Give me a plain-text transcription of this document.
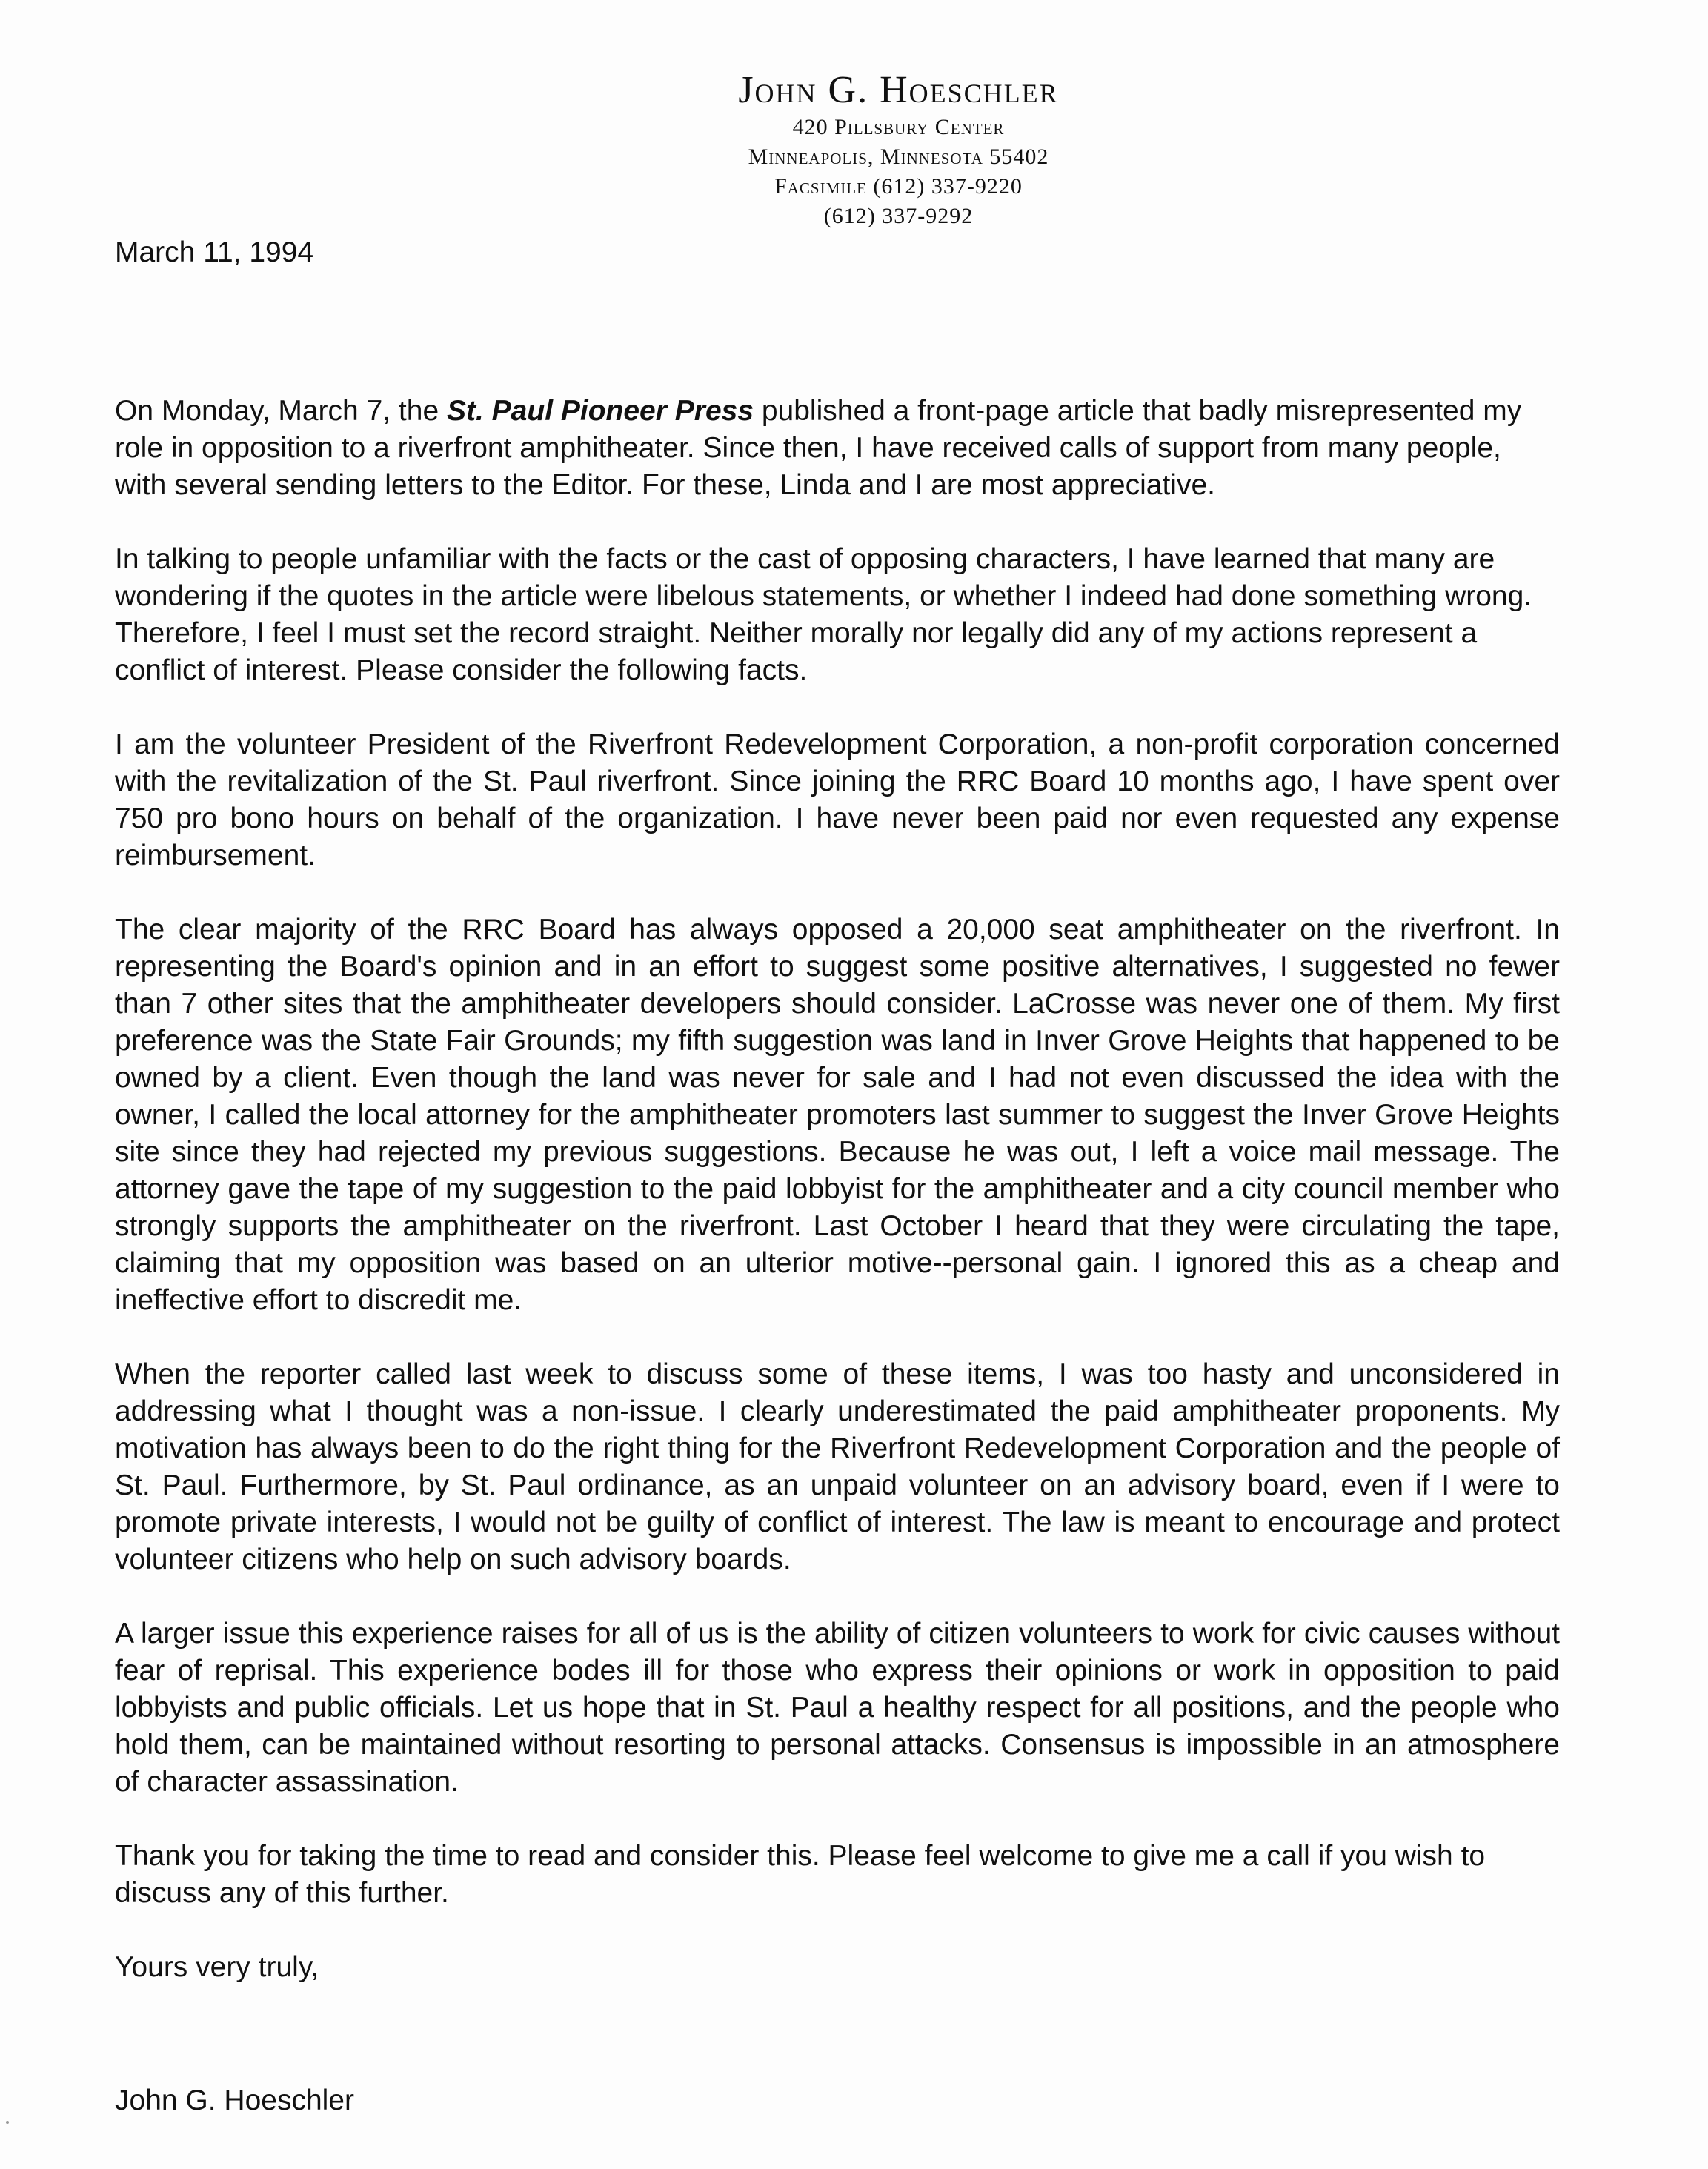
John G. Hoeschler
420 Pillsbury Center
Minneapolis, Minnesota 55402
Facsimile (612) 337-9220
(612) 337-9292

March 11, 1994

On Monday, March 7, the St. Paul Pioneer Press published a front-page article that badly misrepresented my role in opposition to a riverfront amphitheater. Since then, I have received calls of support from many people, with several sending letters to the Editor. For these, Linda and I are most appreciative.

In talking to people unfamiliar with the facts or the cast of opposing characters, I have learned that many are wondering if the quotes in the article were libelous statements, or whether I indeed had done something wrong. Therefore, I feel I must set the record straight. Neither morally nor legally did any of my actions represent a conflict of interest. Please consider the following facts.

I am the volunteer President of the Riverfront Redevelopment Corporation, a non-profit corporation concerned with the revitalization of the St. Paul riverfront. Since joining the RRC Board 10 months ago, I have spent over 750 pro bono hours on behalf of the organization. I have never been paid nor even requested any expense reimbursement.

The clear majority of the RRC Board has always opposed a 20,000 seat amphitheater on the riverfront. In representing the Board's opinion and in an effort to suggest some positive alternatives, I suggested no fewer than 7 other sites that the amphitheater developers should consider. LaCrosse was never one of them. My first preference was the State Fair Grounds; my fifth suggestion was land in Inver Grove Heights that happened to be owned by a client. Even though the land was never for sale and I had not even discussed the idea with the owner, I called the local attorney for the amphitheater promoters last summer to suggest the Inver Grove Heights site since they had rejected my previous suggestions. Because he was out, I left a voice mail message. The attorney gave the tape of my suggestion to the paid lobbyist for the amphitheater and a city council member who strongly supports the amphitheater on the riverfront. Last October I heard that they were circulating the tape, claiming that my opposition was based on an ulterior motive--personal gain. I ignored this as a cheap and ineffective effort to discredit me.

When the reporter called last week to discuss some of these items, I was too hasty and unconsidered in addressing what I thought was a non-issue. I clearly underestimated the paid amphitheater proponents. My motivation has always been to do the right thing for the Riverfront Redevelopment Corporation and the people of St. Paul. Furthermore, by St. Paul ordinance, as an unpaid volunteer on an advisory board, even if I were to promote private interests, I would not be guilty of conflict of interest. The law is meant to encourage and protect volunteer citizens who help on such advisory boards.

A larger issue this experience raises for all of us is the ability of citizen volunteers to work for civic causes without fear of reprisal. This experience bodes ill for those who express their opinions or work in opposition to paid lobbyists and public officials. Let us hope that in St. Paul a healthy respect for all positions, and the people who hold them, can be maintained without resorting to personal attacks. Consensus is impossible in an atmosphere of character assassination.

Thank you for taking the time to read and consider this. Please feel welcome to give me a call if you wish to discuss any of this further.

Yours very truly,

John G. Hoeschler
